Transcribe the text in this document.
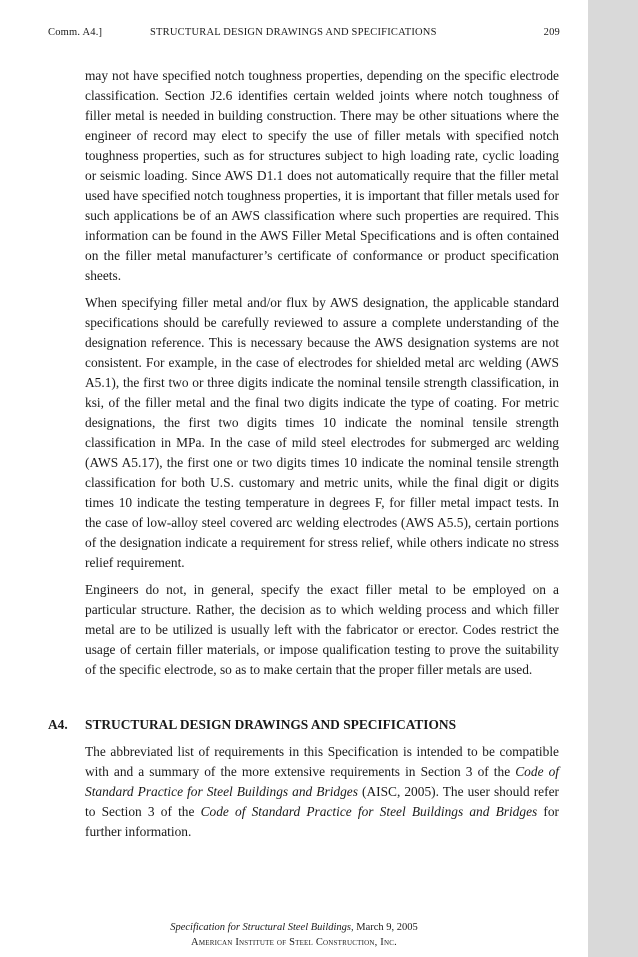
Comm. A4.]	STRUCTURAL DESIGN DRAWINGS AND SPECIFICATIONS	209

may not have specified notch toughness properties, depending on the specific electrode classification. Section J2.6 identifies certain welded joints where notch toughness of filler metal is needed in building construction. There may be other situations where the engineer of record may elect to specify the use of filler metals with specified notch toughness properties, such as for structures subject to high loading rate, cyclic loading or seismic loading. Since AWS D1.1 does not automatically require that the filler metal used have specified notch toughness properties, it is important that filler metals used for such applications be of an AWS classification where such properties are required. This information can be found in the AWS Filler Metal Specifications and is often contained on the filler metal manufacturer’s certificate of conformance or product specification sheets.

When specifying filler metal and/or flux by AWS designation, the applicable standard specifications should be carefully reviewed to assure a complete understanding of the designation reference. This is necessary because the AWS designation systems are not consistent. For example, in the case of electrodes for shielded metal arc welding (AWS A5.1), the first two or three digits indicate the nominal tensile strength classification, in ksi, of the filler metal and the final two digits indicate the type of coating. For metric designations, the first two digits times 10 indicate the nominal tensile strength classification in MPa. In the case of mild steel electrodes for submerged arc welding (AWS A5.17), the first one or two digits times 10 indicate the nominal tensile strength classification for both U.S. customary and metric units, while the final digit or digits times 10 indicate the testing temperature in degrees F, for filler metal impact tests. In the case of low-alloy steel covered arc welding electrodes (AWS A5.5), certain portions of the designation indicate a requirement for stress relief, while others indicate no stress relief requirement.

Engineers do not, in general, specify the exact filler metal to be employed on a particular structure. Rather, the decision as to which welding process and which filler metal are to be utilized is usually left with the fabricator or erector. Codes restrict the usage of certain filler materials, or impose qualification testing to prove the suitability of the specific electrode, so as to make certain that the proper filler metals are used.

A4. STRUCTURAL DESIGN DRAWINGS AND SPECIFICATIONS

The abbreviated list of requirements in this Specification is intended to be compatible with and a summary of the more extensive requirements in Section 3 of the Code of Standard Practice for Steel Buildings and Bridges (AISC, 2005). The user should refer to Section 3 of the Code of Standard Practice for Steel Buildings and Bridges for further information.

Specification for Structural Steel Buildings, March 9, 2005
American Institute of Steel Construction, Inc.
